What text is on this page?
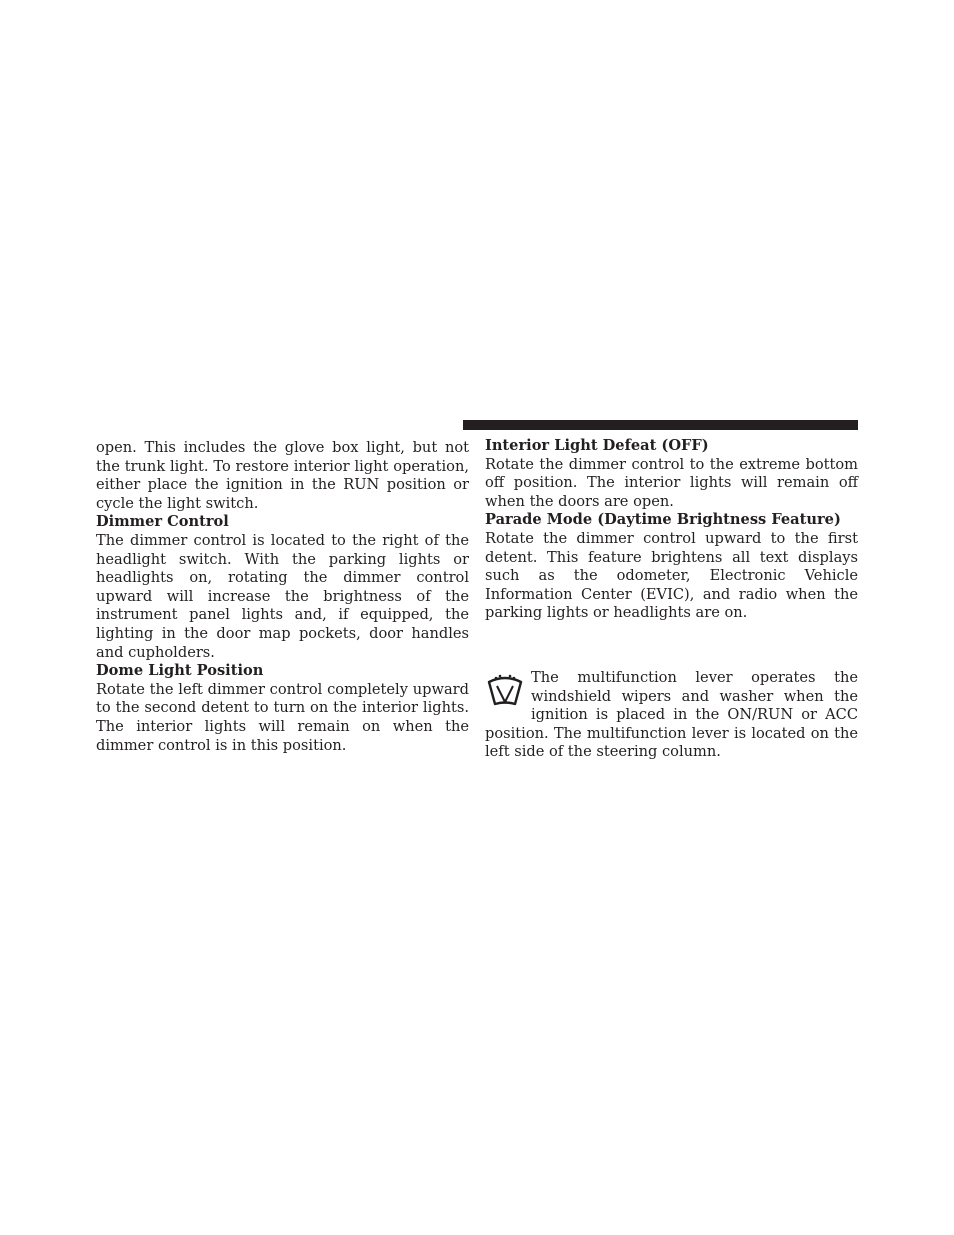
open. This includes the glove box light, but not the trunk light. To restore interior light operation, either place the ignition in the RUN position or cycle the light switch.

Dimmer Control

The dimmer control is located to the right of the headlight switch. With the parking lights or headlights on, rotating the dimmer control upward will increase the brightness of the instrument panel lights and, if equipped, the lighting in the door map pockets, door handles and cupholders.

Dome Light Position

Rotate the left dimmer control completely upward to the second detent to turn on the interior lights. The interior lights will remain on when the dimmer control is in this position.

Interior Light Defeat (OFF)

Rotate the dimmer control to the extreme bottom off position. The interior lights will remain off when the doors are open.

Parade Mode (Daytime Brightness Feature)

Rotate the dimmer control upward to the first detent. This feature brightens all text displays such as the odometer, Electronic Vehicle Information Center (EVIC), and radio when the parking lights or headlights are on.

The multifunction lever operates the windshield wipers and washer when the ignition is placed in the ON/RUN or ACC position. The multifunction lever is located on the left side of the steering column.
